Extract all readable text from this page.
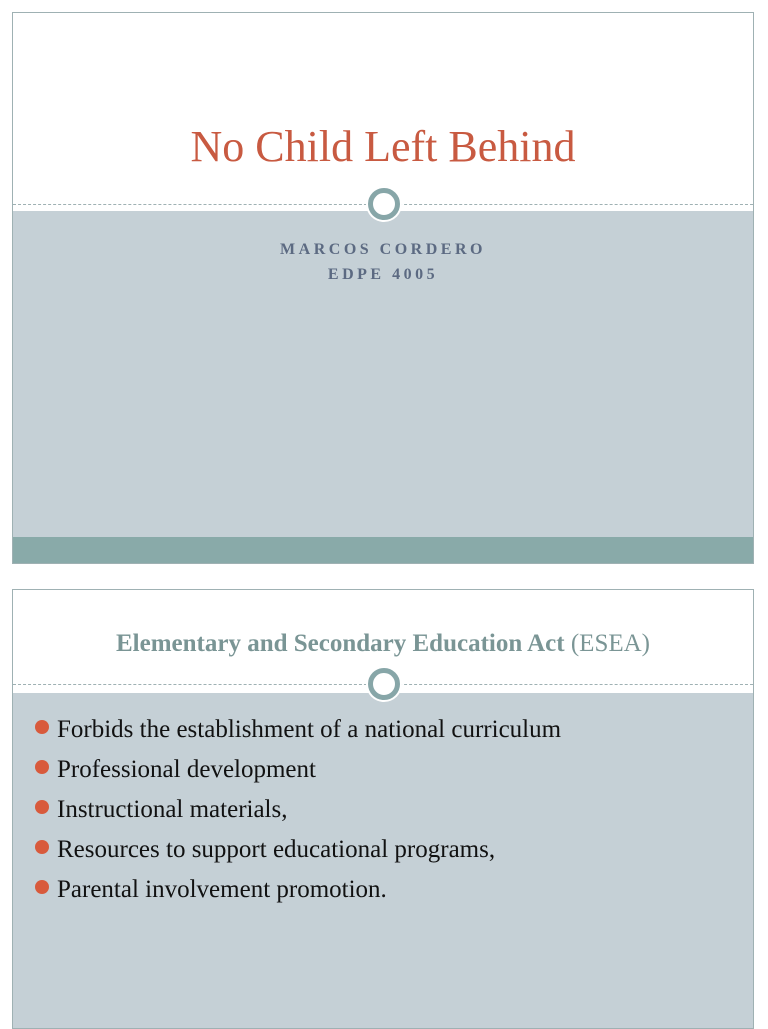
No Child Left Behind
MARCOS CORDERO
EDPE 4005
Elementary and Secondary Education Act (ESEA)
Forbids the establishment of a national curriculum
Professional development
Instructional materials,
Resources to support educational programs,
Parental involvement promotion.
